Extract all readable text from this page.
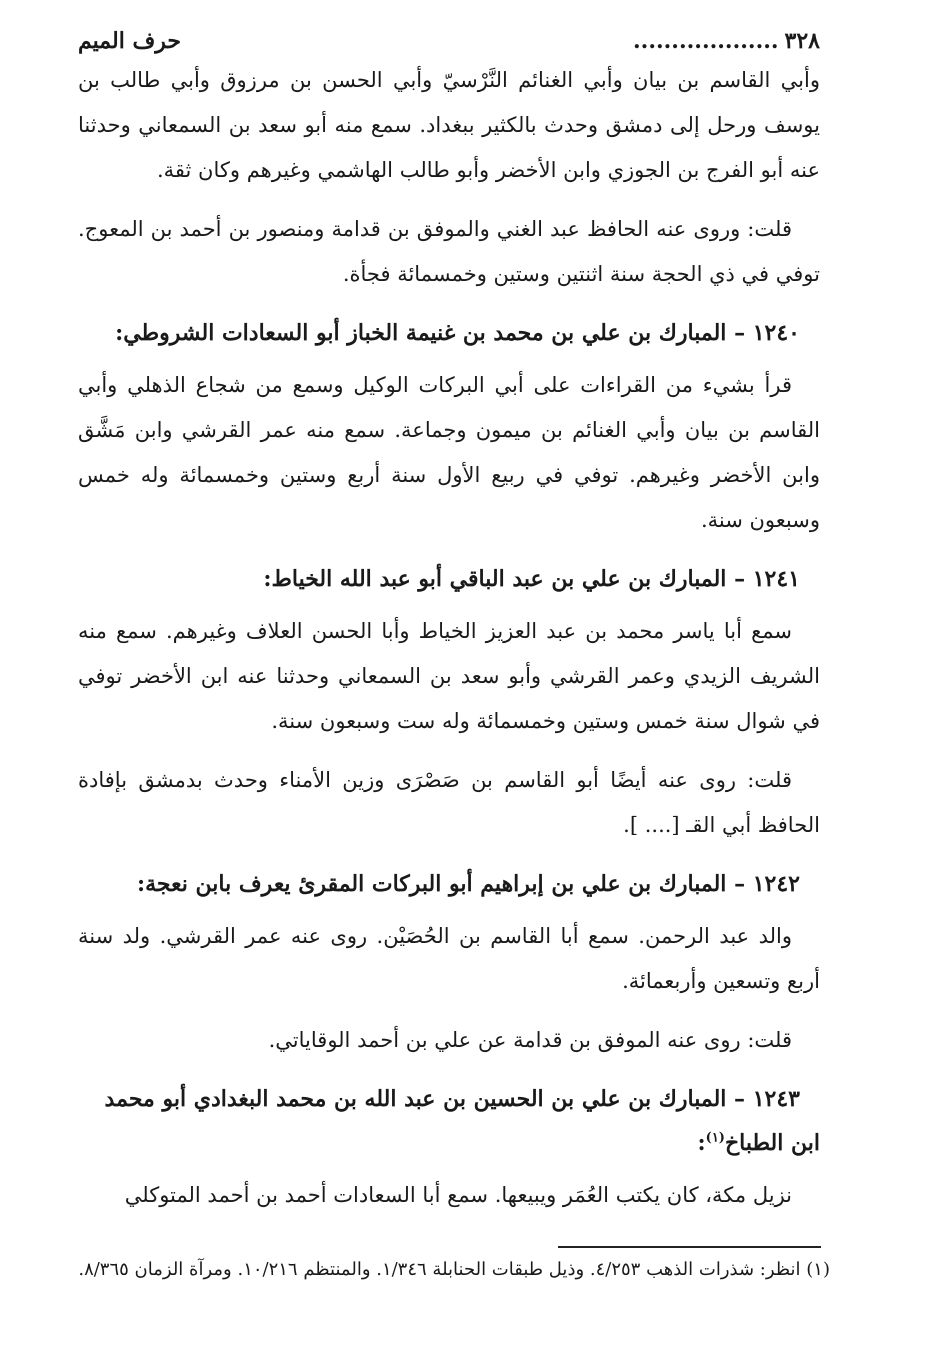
٣٢٨
...................
حرف الميم

وأبي القاسم بن بيان وأبي الغنائم النَّرْسيّ وأبي الحسن بن مرزوق وأبي طالب بن يوسف ورحل إلى دمشق وحدث بالكثير ببغداد. سمع منه أبو سعد بن السمعاني وحدثنا عنه أبو الفرج بن الجوزي وابن الأخضر وأبو طالب الهاشمي وغيرهم وكان ثقة.

قلت: وروى عنه الحافظ عبد الغني والموفق بن قدامة ومنصور بن أحمد بن المعوج. توفي في ذي الحجة سنة اثنتين وستين وخمسمائة فجأة.

١٢٤٠ – المبارك بن علي بن محمد بن غنيمة الخباز أبو السعادات الشروطي:

قرأ بشيء من القراءات على أبي البركات الوكيل وسمع من شجاع الذهلي وأبي القاسم بن بيان وأبي الغنائم بن ميمون وجماعة. سمع منه عمر القرشي وابن مَشَّق وابن الأخضر وغيرهم. توفي في ربيع الأول سنة أربع وستين وخمسمائة وله خمس وسبعون سنة.

١٢٤١ – المبارك بن علي بن عبد الباقي أبو عبد الله الخياط:

سمع أبا ياسر محمد بن عبد العزيز الخياط وأبا الحسن العلاف وغيرهم. سمع منه الشريف الزيدي وعمر القرشي وأبو سعد بن السمعاني وحدثنا عنه ابن الأخضر توفي في شوال سنة خمس وستين وخمسمائة وله ست وسبعون سنة.

قلت: روى عنه أيضًا أبو القاسم بن صَصْرَى وزين الأمناء وحدث بدمشق بإفادة الحافظ أبي القـ [.... ].

١٢٤٢ – المبارك بن علي بن إبراهيم أبو البركات المقرئ يعرف بابن نعجة:

والد عبد الرحمن. سمع أبا القاسم بن الحُصَيْن. روى عنه عمر القرشي. ولد سنة أربع وتسعين وأربعمائة.

قلت: روى عنه الموفق بن قدامة عن علي بن أحمد الوقاياتي.

١٢٤٣ – المبارك بن علي بن الحسين بن عبد الله بن محمد البغدادي أبو محمد ابن الطباخ$^{(١)}$:

نزيل مكة، كان يكتب العُمَر ويبيعها. سمع أبا السعادات أحمد بن أحمد المتوكلي

(١) انظر: شذرات الذهب ٤/٢٥٣. وذيل طبقات الحنابلة ١/٣٤٦. والمنتظم ١٠/٢١٦. ومرآة الزمان ٨/٣٦٥.
